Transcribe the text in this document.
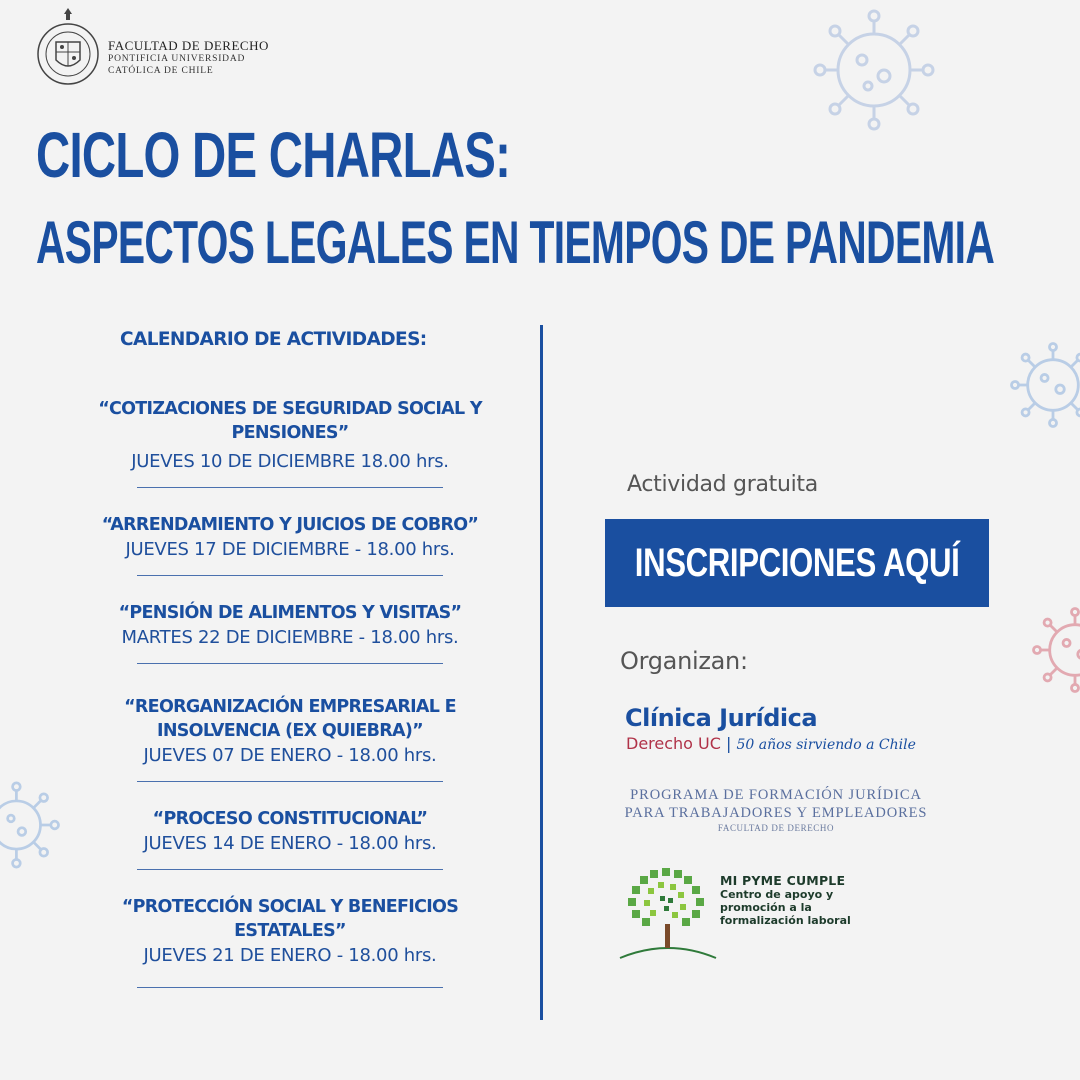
FACULTAD DE DERECHO
PONTIFICIA UNIVERSIDAD
CATÓLICA DE CHILE
CICLO DE CHARLAS:
ASPECTOS LEGALES EN TIEMPOS DE PANDEMIA
CALENDARIO DE ACTIVIDADES:
“COTIZACIONES DE SEGURIDAD SOCIAL Y PENSIONES”
JUEVES 10 DE DICIEMBRE 18.00 hrs.
“ARRENDAMIENTO Y JUICIOS DE COBRO”
JUEVES 17 DE DICIEMBRE - 18.00 hrs.
“PENSIÓN DE ALIMENTOS Y VISITAS”
MARTES 22 DE DICIEMBRE - 18.00 hrs.
“REORGANIZACIÓN EMPRESARIAL E INSOLVENCIA (EX QUIEBRA)”
JUEVES 07 DE ENERO - 18.00 hrs.
“PROCESO CONSTITUCIONAL”
JUEVES 14 DE ENERO - 18.00 hrs.
“PROTECCIÓN SOCIAL Y BENEFICIOS ESTATALES”
JUEVES 21 DE ENERO - 18.00 hrs.
Actividad gratuita
INSCRIPCIONES AQUÍ
Organizan:
Clínica Jurídica
Derecho UC | 50 años sirviendo a Chile
PROGRAMA DE FORMACIÓN JURÍDICA
PARA TRABAJADORES Y EMPLEADORES
FACULTAD DE DERECHO
MI PYME CUMPLE
Centro de apoyo y
promoción a la
formalización laboral
